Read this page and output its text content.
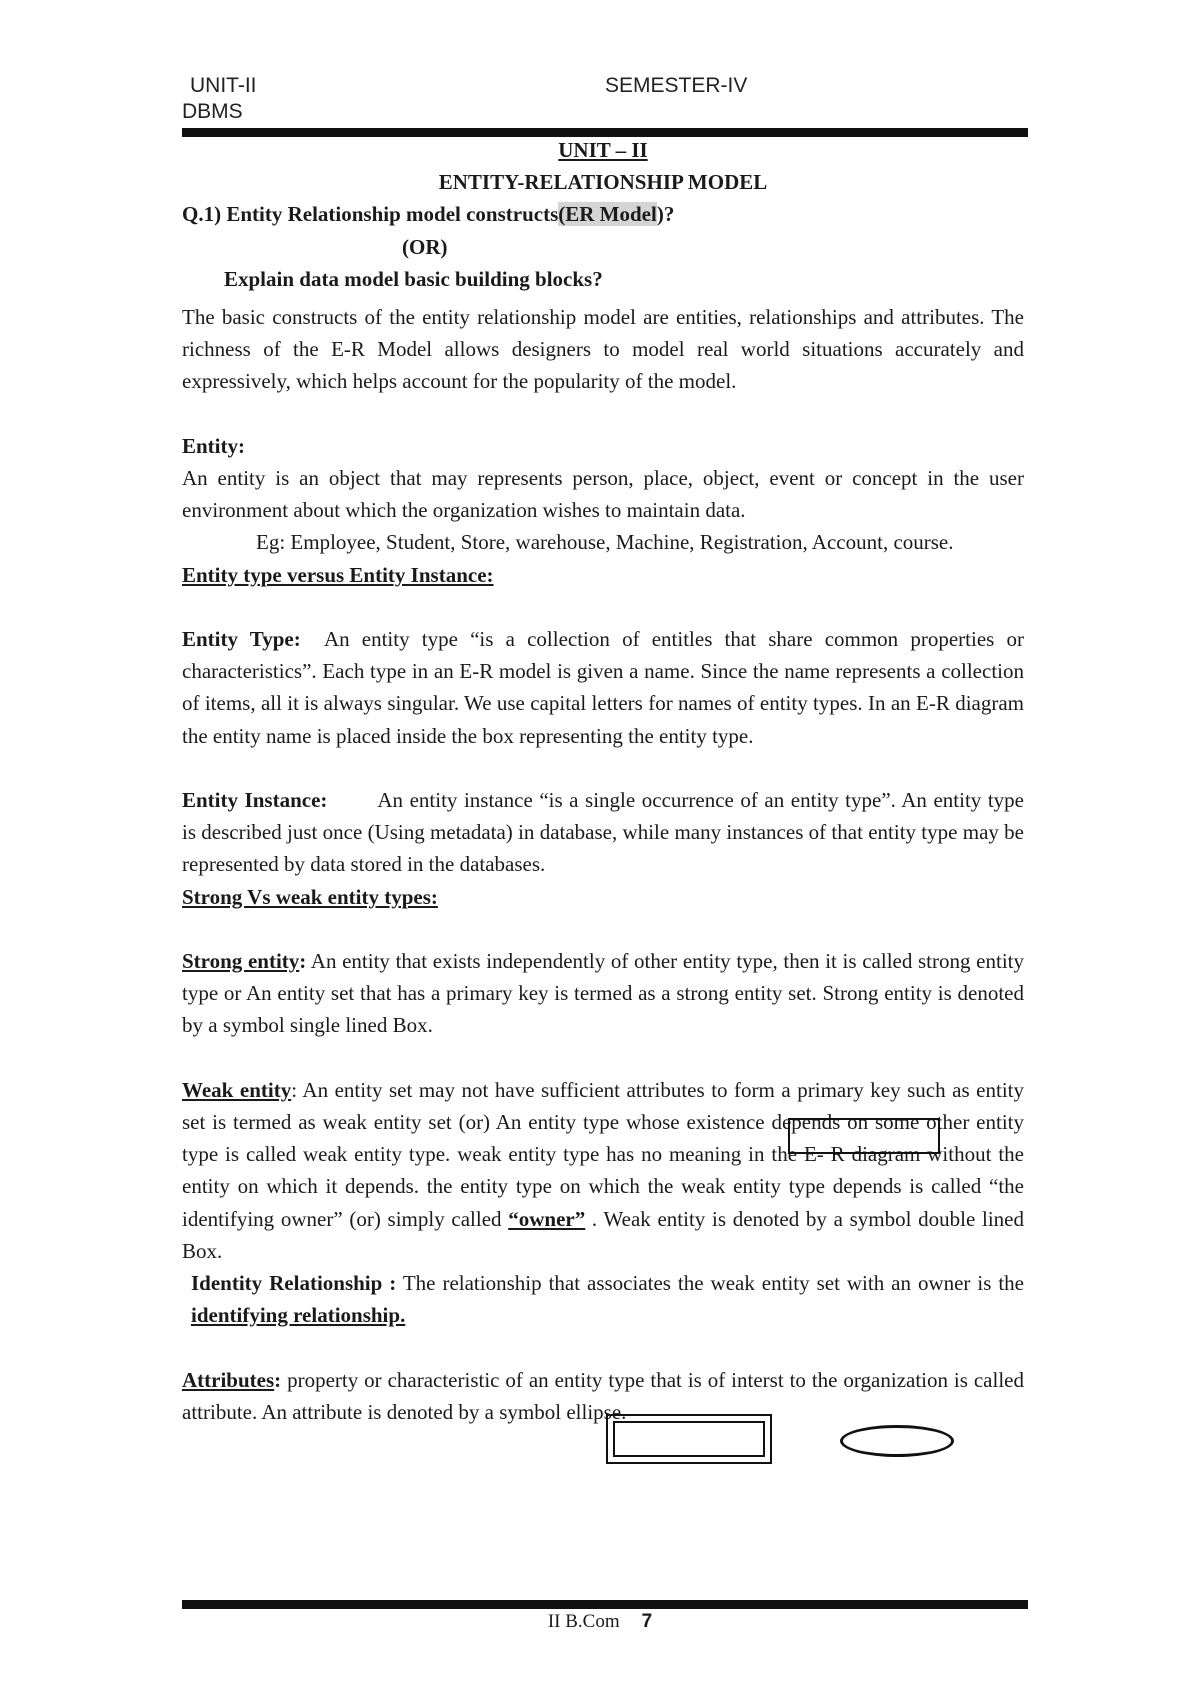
UNIT-II	SEMESTER-IV
DBMS

UNIT – II

ENTITY-RELATIONSHIP MODEL

Q.1) Entity Relationship model constructs(ER Model)?

(OR)

Explain data model basic building blocks?

The basic constructs of the entity relationship model are entities, relationships and attributes. The richness of the E-R Model allows designers to model real world situations accurately and expressively, which helps account for the popularity of the model.

Entity:

An entity is an object that may represents person, place, object, event or concept in the user environment about which the organization wishes to maintain data.

Eg: Employee, Student, Store, warehouse, Machine, Registration, Account, course.

Entity type versus Entity Instance:

Entity Type: An entity type “is a collection of entitles that share common properties or characteristics”. Each type in an E-R model is given a name. Since the name represents a collection of items, all it is always singular. We use capital letters for names of entity types. In an E-R diagram the entity name is placed inside the box representing the entity type.

Entity Instance: An entity instance “is a single occurrence of an entity type”. An entity type is described just once (Using metadata) in database, while many instances of that entity type may be represented by data stored in the databases.

Strong Vs weak entity types:

Strong entity: An entity that exists independently of other entity type, then it is called strong entity type or An entity set that has a primary key is termed as a strong entity set. Strong entity is denoted by a symbol single lined Box.

Weak entity: An entity set may not have sufficient attributes to form a primary key such as entity set is termed as weak entity set (or) An entity type whose existence depends on some other entity type is called weak entity type. weak entity type has no meaning in the E- R diagram without the entity on which it depends. the entity type on which the weak entity type depends is called “the identifying owner” (or) simply called “owner” . Weak entity is denoted by a symbol double lined Box.

Identity Relationship : The relationship that associates the weak entity set with an owner is the identifying relationship.

Attributes: property or characteristic of an entity type that is of interst to the organization is called attribute. An attribute is denoted by a symbol ellipse.

II B.Com 7
